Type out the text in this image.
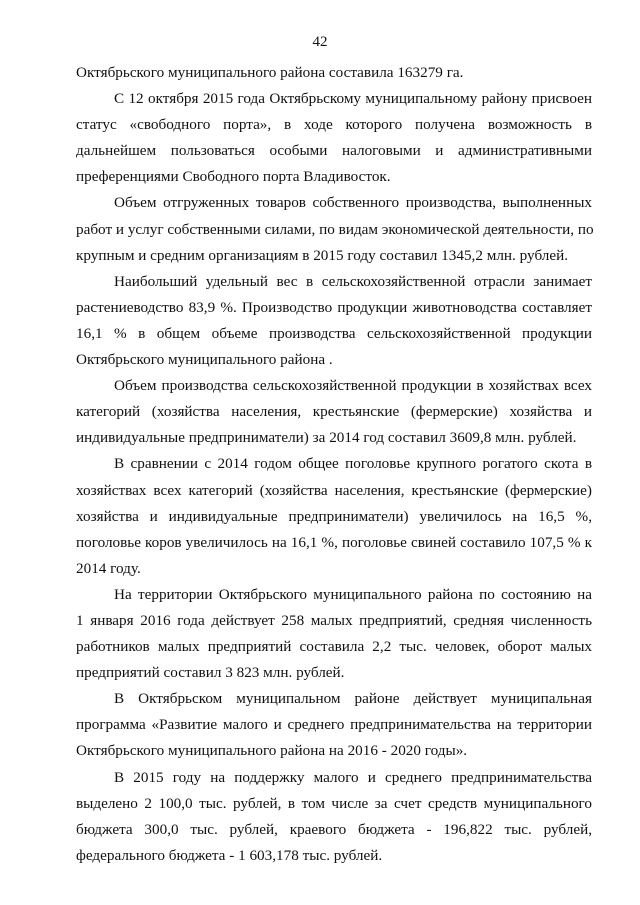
42
Октябрьского муниципального района составила 163279 га.
С 12 октября 2015 года Октябрьскому муниципальному району присвоен
статус «свободного порта», в ходе которого получена возможность в
дальнейшем пользоваться особыми налоговыми и административными
преференциями Свободного порта Владивосток.
Объем отгруженных товаров собственного производства, выполненных
работ и услуг собственными силами, по видам экономической деятельности, по
крупным и средним организациям в 2015 году составил 1345,2 млн. рублей.
Наибольший удельный вес в сельскохозяйственной отрасли занимает
растениеводство 83,9 %. Производство продукции животноводства составляет
16,1 % в общем объеме производства сельскохозяйственной продукции
Октябрьского муниципального района .
Объем производства сельскохозяйственной продукции в хозяйствах всех
категорий (хозяйства населения, крестьянские (фермерские) хозяйства и
индивидуальные предприниматели) за 2014 год составил 3609,8 млн. рублей.
В сравнении с 2014 годом общее поголовье крупного рогатого скота в
хозяйствах всех категорий (хозяйства населения, крестьянские (фермерские)
хозяйства и индивидуальные предприниматели) увеличилось на 16,5 %,
поголовье коров увеличилось на 16,1 %, поголовье свиней составило 107,5 % к
2014 году.
На территории Октябрьского муниципального района по состоянию на
1 января 2016 года действует 258 малых предприятий, средняя численность
работников малых предприятий составила 2,2 тыс. человек, оборот малых
предприятий составил 3 823 млн. рублей.
В Октябрьском муниципальном районе действует муниципальная
программа «Развитие малого и среднего предпринимательства на территории
Октябрьского муниципального района на 2016 - 2020 годы».
В 2015 году на поддержку малого и среднего предпринимательства
выделено 2 100,0 тыс. рублей, в том числе за счет средств муниципального
бюджета 300,0 тыс. рублей, краевого бюджета - 196,822 тыс. рублей,
федерального бюджета - 1 603,178 тыс. рублей.
